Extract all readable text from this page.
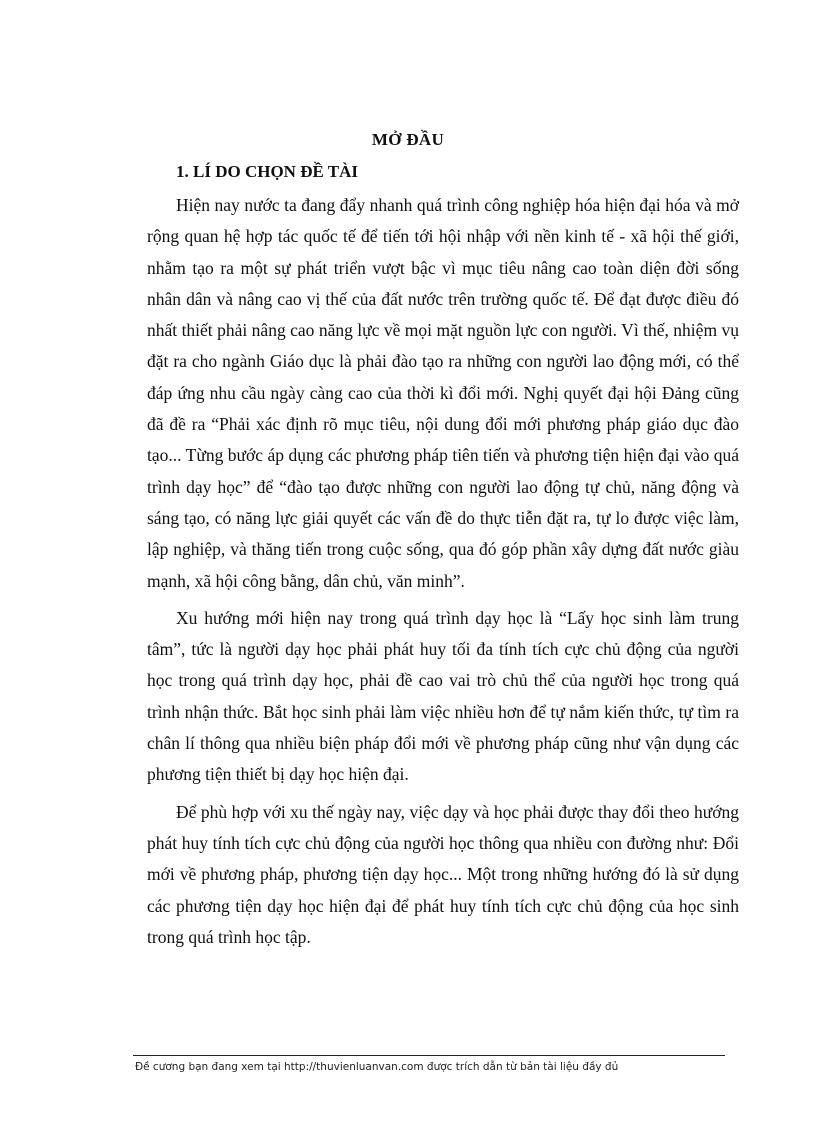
MỞ ĐẦU
1. LÍ DO CHỌN ĐỀ TÀI

Hiện nay nước ta đang đẩy nhanh quá trình công nghiệp hóa hiện đại hóa và mở rộng quan hệ hợp tác quốc tế để tiến tới hội nhập với nền kinh tế - xã hội thế giới, nhằm tạo ra một sự phát triển vượt bậc vì mục tiêu nâng cao toàn diện đời sống nhân dân và nâng cao vị thế của đất nước trên trường quốc tế. Để đạt được điều đó nhất thiết phải nâng cao năng lực về mọi mặt nguồn lực con người. Vì thế, nhiệm vụ đặt ra cho ngành Giáo dục là phải đào tạo ra những con người lao động mới, có thể đáp ứng nhu cầu ngày càng cao của thời kì đổi mới. Nghị quyết đại hội Đảng cũng đã đề ra “Phải xác định rõ mục tiêu, nội dung đổi mới phương pháp giáo dục đào tạo... Từng bước áp dụng các phương pháp tiên tiến và phương tiện hiện đại vào quá trình dạy học” để “đào tạo được những con người lao động tự chủ, năng động và sáng tạo, có năng lực giải quyết các vấn đề do thực tiễn đặt ra, tự lo được việc làm, lập nghiệp, và thăng tiến trong cuộc sống, qua đó góp phần xây dựng đất nước giàu mạnh, xã hội công bằng, dân chủ, văn minh”.

Xu hướng mới hiện nay trong quá trình dạy học là “Lấy học sinh làm trung tâm”, tức là người dạy học phải phát huy tối đa tính tích cực chủ động của người học trong quá trình dạy học, phải đề cao vai trò chủ thể của người học trong quá trình nhận thức. Bắt học sinh phải làm việc nhiều hơn để tự nắm kiến thức, tự tìm ra chân lí thông qua nhiều biện pháp đổi mới về phương pháp cũng như vận dụng các phương tiện thiết bị dạy học hiện đại.

Để phù hợp với xu thế ngày nay, việc dạy và học phải được thay đổi theo hướng phát huy tính tích cực chủ động của người học thông qua nhiều con đường như: Đổi mới về phương pháp, phương tiện dạy học... Một trong những hướng đó là sử dụng các phương tiện dạy học hiện đại để phát huy tính tích cực chủ động của học sinh trong quá trình học tập.

Đề cương bạn đang xem tại http://thuvienluanvan.com được trích dẫn từ bản tài liệu đầy đủ
